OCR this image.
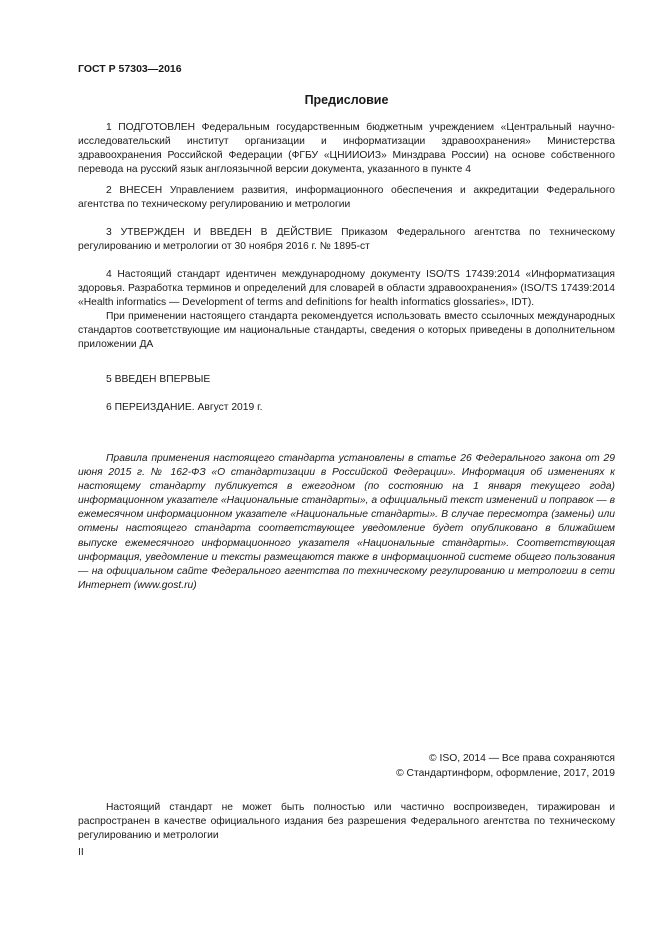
ГОСТ Р 57303—2016
Предисловие

1 ПОДГОТОВЛЕН Федеральным государственным бюджетным учреждением «Центральный научно-исследовательский институт организации и информатизации здравоохранения» Министерства здравоохранения Российской Федерации (ФГБУ «ЦНИИОИЗ» Минздрава России) на основе собственного перевода на русский язык англоязычной версии документа, указанного в пункте 4

2 ВНЕСЕН Управлением развития, информационного обеспечения и аккредитации Федерального агентства по техническому регулированию и метрологии

3 УТВЕРЖДЕН И ВВЕДЕН В ДЕЙСТВИЕ Приказом Федерального агентства по техническому регулированию и метрологии от 30 ноября 2016 г. № 1895-ст

4 Настоящий стандарт идентичен международному документу ISO/TS 17439:2014 «Информатизация здоровья. Разработка терминов и определений для словарей в области здравоохранения» (ISO/TS 17439:2014 «Health informatics — Development of terms and definitions for health informatics glossaries», IDT).

При применении настоящего стандарта рекомендуется использовать вместо ссылочных международных стандартов соответствующие им национальные стандарты, сведения о которых приведены в дополнительном приложении ДА

5 ВВЕДЕН ВПЕРВЫЕ

6 ПЕРЕИЗДАНИЕ. Август 2019 г.

Правила применения настоящего стандарта установлены в статье 26 Федерального закона от 29 июня 2015 г. № 162-ФЗ «О стандартизации в Российской Федерации». Информация об изменениях к настоящему стандарту публикуется в ежегодном (по состоянию на 1 января текущего года) информационном указателе «Национальные стандарты», а официальный текст изменений и поправок — в ежемесячном информационном указателе «Национальные стандарты». В случае пересмотра (замены) или отмены настоящего стандарта соответствующее уведомление будет опубликовано в ближайшем выпуске ежемесячного информационного указателя «Национальные стандарты». Соответствующая информация, уведомление и тексты размещаются также в информационной системе общего пользования — на официальном сайте Федерального агентства по техническому регулированию и метрологии в сети Интернет (www.gost.ru)

© ISO, 2014 — Все права сохраняются
© Стандартинформ, оформление, 2017, 2019

Настоящий стандарт не может быть полностью или частично воспроизведен, тиражирован и распространен в качестве официального издания без разрешения Федерального агентства по техническому регулированию и метрологии

II
